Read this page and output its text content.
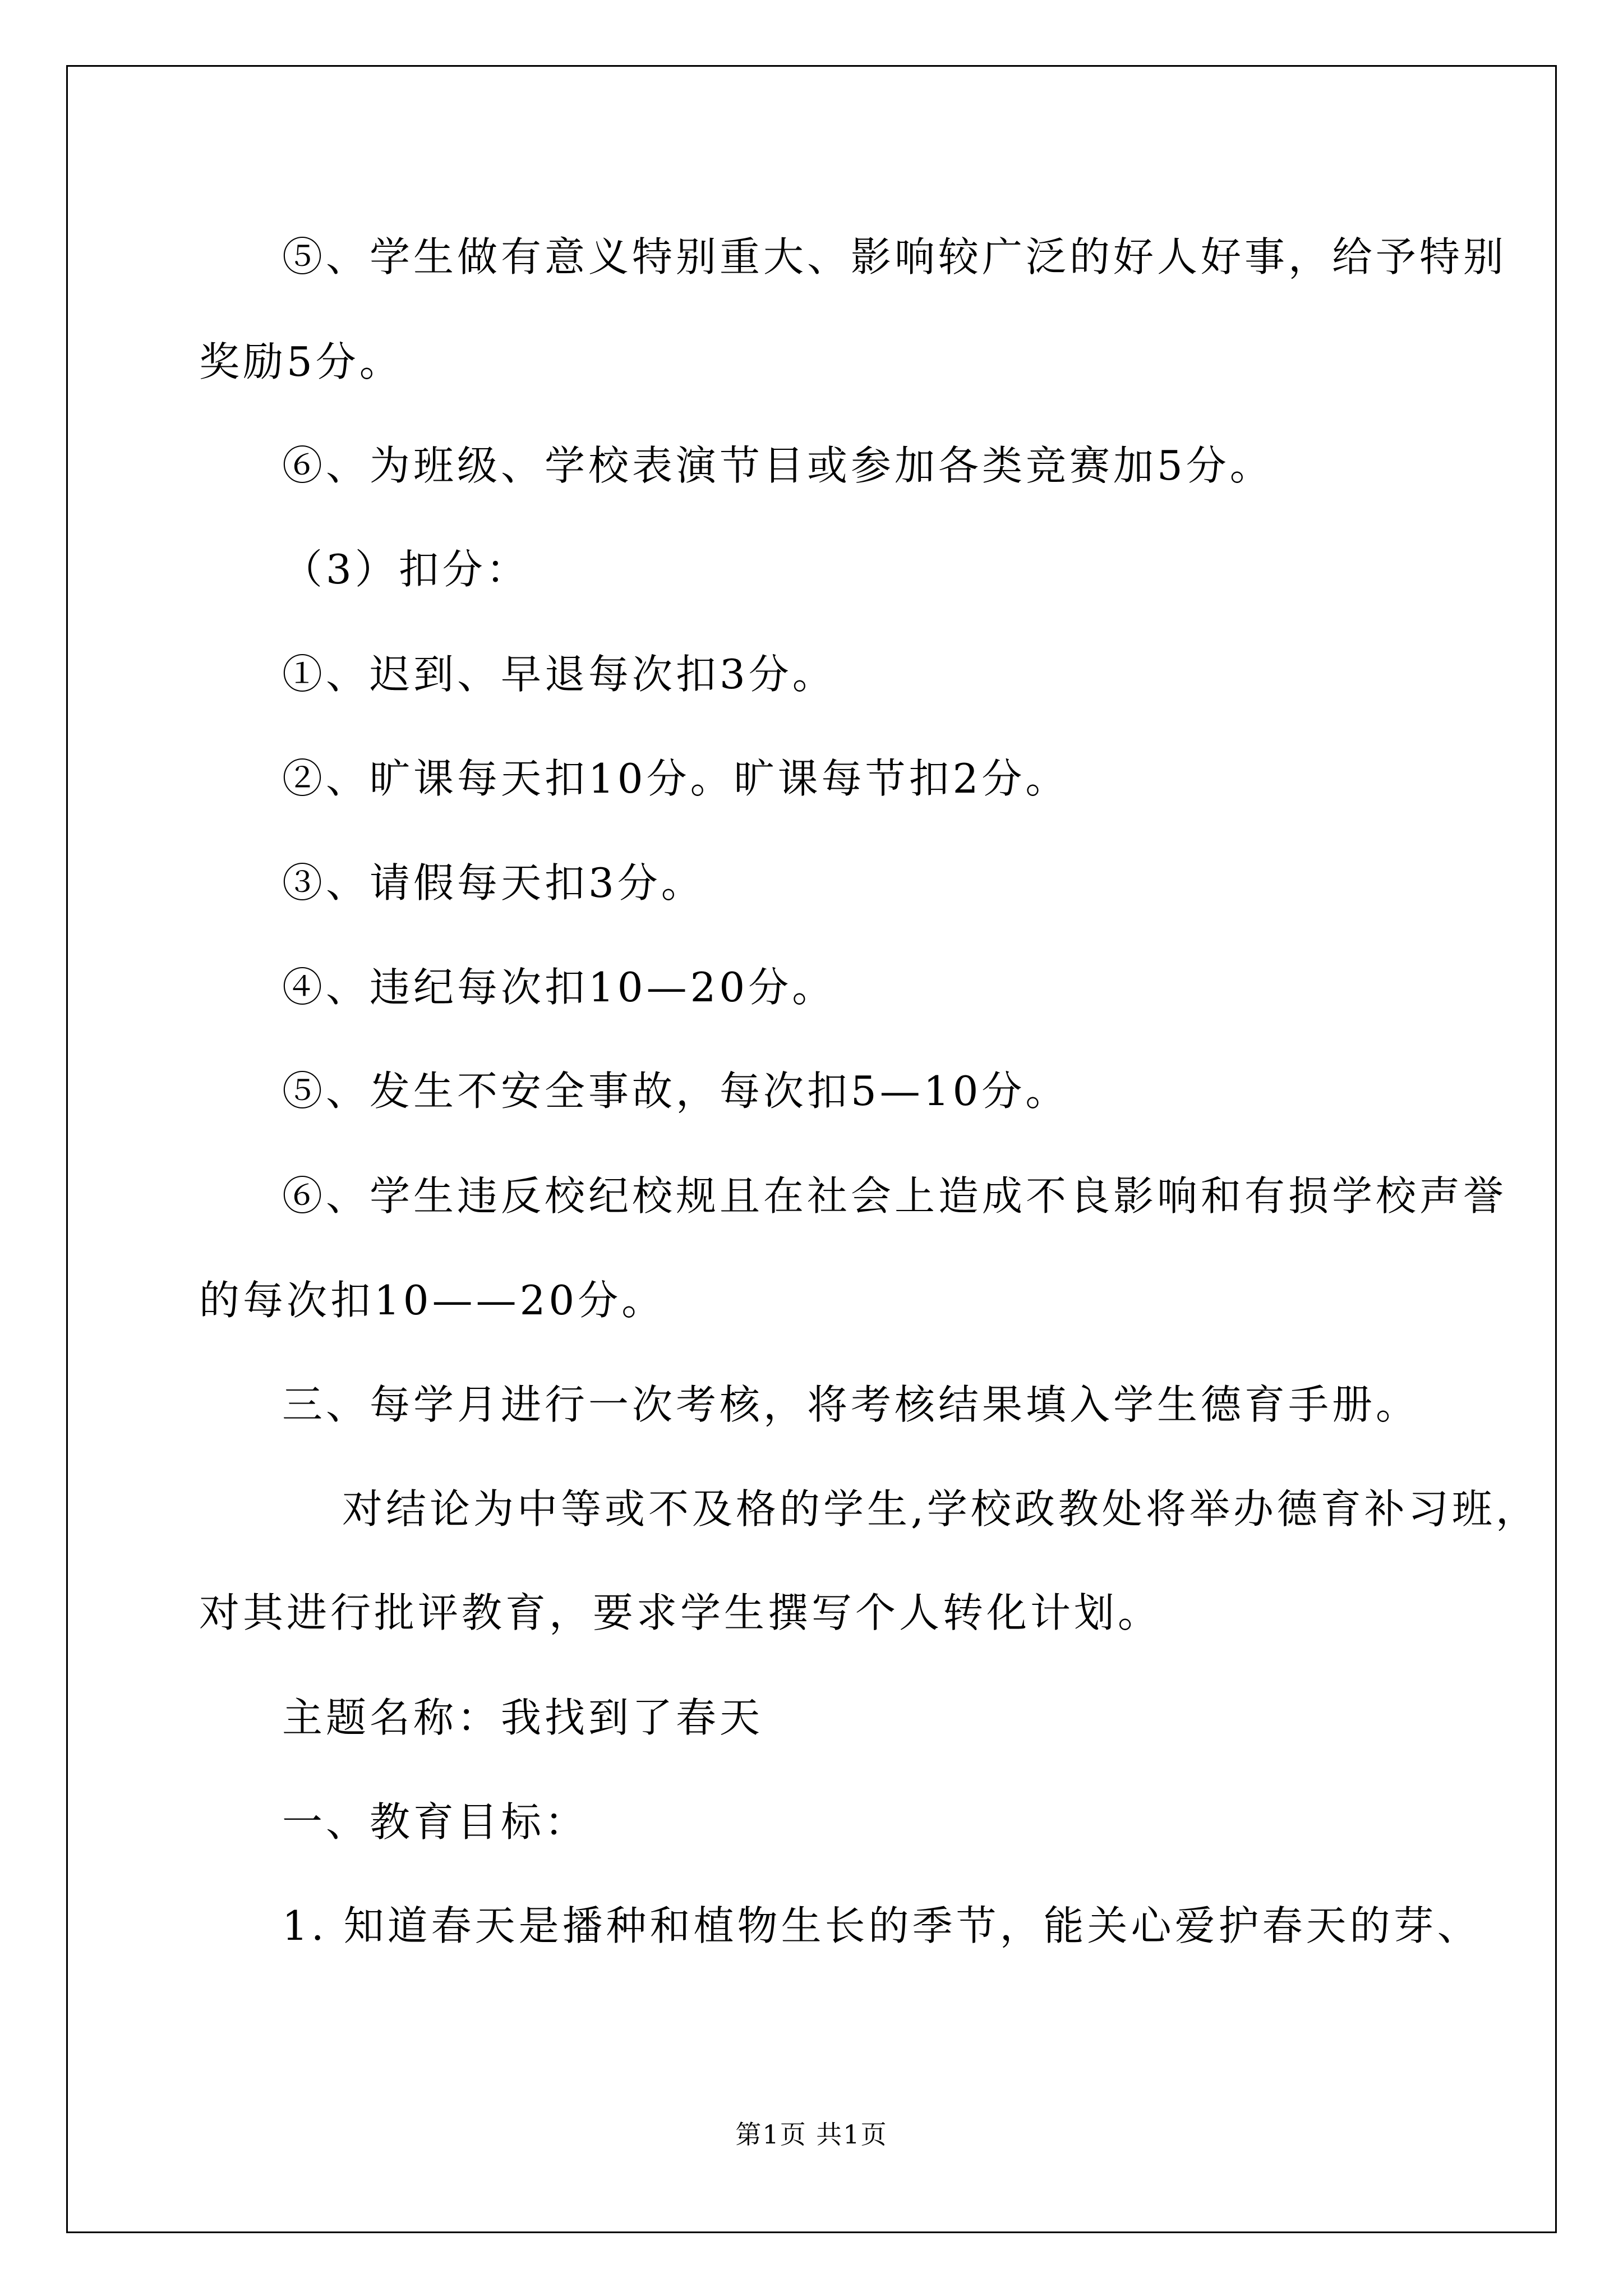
⑤、学生做有意义特别重大、影响较广泛的好人好事，给予特别
奖励5分。
⑥、为班级、学校表演节目或参加各类竞赛加5分。
（3）扣分：
①、迟到、早退每次扣3分。
②、旷课每天扣10分。旷课每节扣2分。
③、请假每天扣3分。
④、违纪每次扣10—20分。
⑤、发生不安全事故，每次扣5—10分。
⑥、学生违反校纪校规且在社会上造成不良影响和有损学校声誉
的每次扣10——20分。
三、每学月进行一次考核，将考核结果填入学生德育手册。
对结论为中等或不及格的学生,学校政教处将举办德育补习班，
对其进行批评教育，要求学生撰写个人转化计划。
主题名称：我找到了春天
一、教育目标：
1. 知道春天是播种和植物生长的季节，能关心爱护春天的芽、
第1页 共1页
